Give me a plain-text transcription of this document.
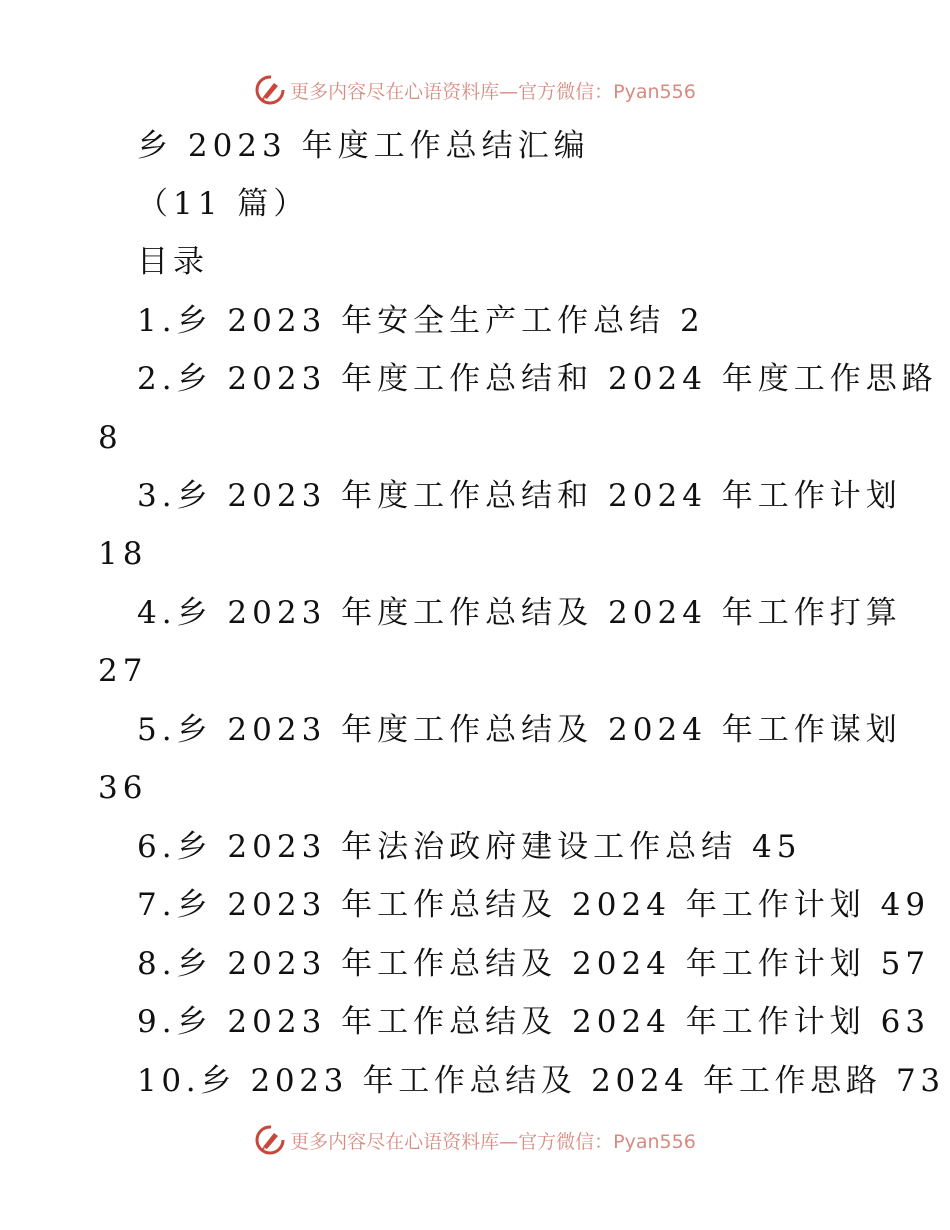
更多内容尽在心语资料库—官方微信：Pyan556
乡 2023 年度工作总结汇编
（11 篇）
目录
1.乡 2023 年安全生产工作总结 2
2.乡 2023 年度工作总结和 2024 年度工作思路
8
3.乡 2023 年度工作总结和 2024 年工作计划
18
4.乡 2023 年度工作总结及 2024 年工作打算
27
5.乡 2023 年度工作总结及 2024 年工作谋划
36
6.乡 2023 年法治政府建设工作总结 45
7.乡 2023 年工作总结及 2024 年工作计划 49
8.乡 2023 年工作总结及 2024 年工作计划 57
9.乡 2023 年工作总结及 2024 年工作计划 63
10.乡 2023 年工作总结及 2024 年工作思路 73
更多内容尽在心语资料库—官方微信：Pyan556
